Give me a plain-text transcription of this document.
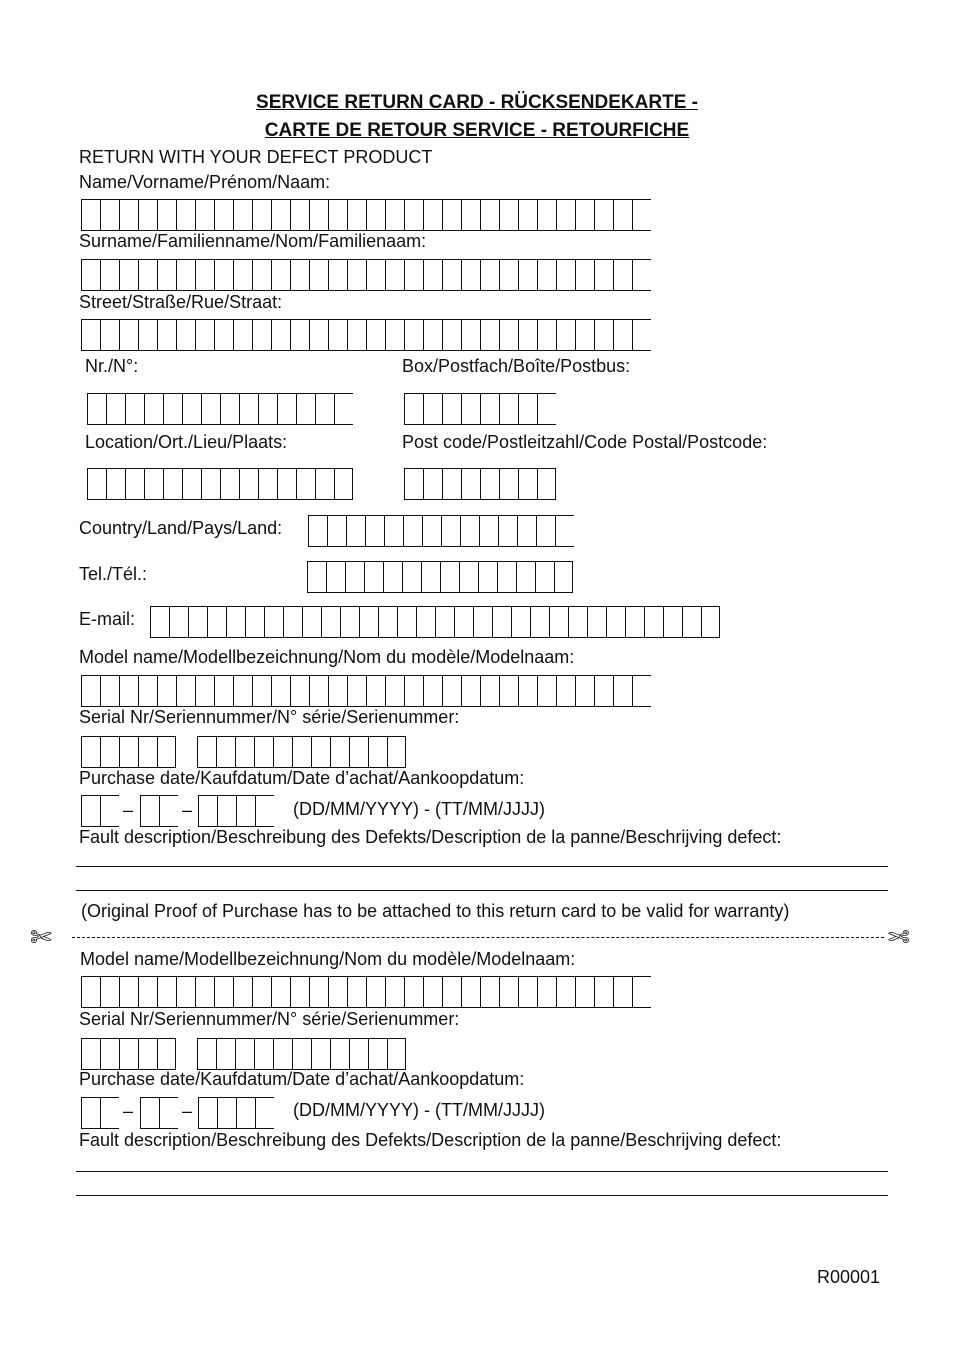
SERVICE RETURN CARD - RÜCKSENDEKARTE -
CARTE DE RETOUR SERVICE - RETOURFICHE
RETURN WITH YOUR DEFECT PRODUCT
Name/Vorname/Prénom/Naam:
Surname/Familienname/Nom/Familienaam:
Street/Straße/Rue/Straat:
Nr./N°:	Box/Postfach/Boîte/Postbus:
Location/Ort./Lieu/Plaats:	Post code/Postleitzahl/Code Postal/Postcode:
Country/Land/Pays/Land:
Tel./Tél.:
E-mail:
Model name/Modellbezeichnung/Nom du modèle/Modelnaam:
Serial Nr/Seriennummer/N° série/Serienummer:
Purchase date/Kaufdatum/Date d’achat/Aankoopdatum:
–	–	(DD/MM/YYYY) - (TT/MM/JJJJ)
Fault description/Beschreibung des Defekts/Description de la panne/Beschrijving defect:
(Original Proof of Purchase has to be attached to this return card to be valid for warranty)
✄	✄
Model name/Modellbezeichnung/Nom du modèle/Modelnaam:
Serial Nr/Seriennummer/N° série/Serienummer:
Purchase date/Kaufdatum/Date d’achat/Aankoopdatum:
–	–	(DD/MM/YYYY) - (TT/MM/JJJJ)
Fault description/Beschreibung des Defekts/Description de la panne/Beschrijving defect:
R00001
